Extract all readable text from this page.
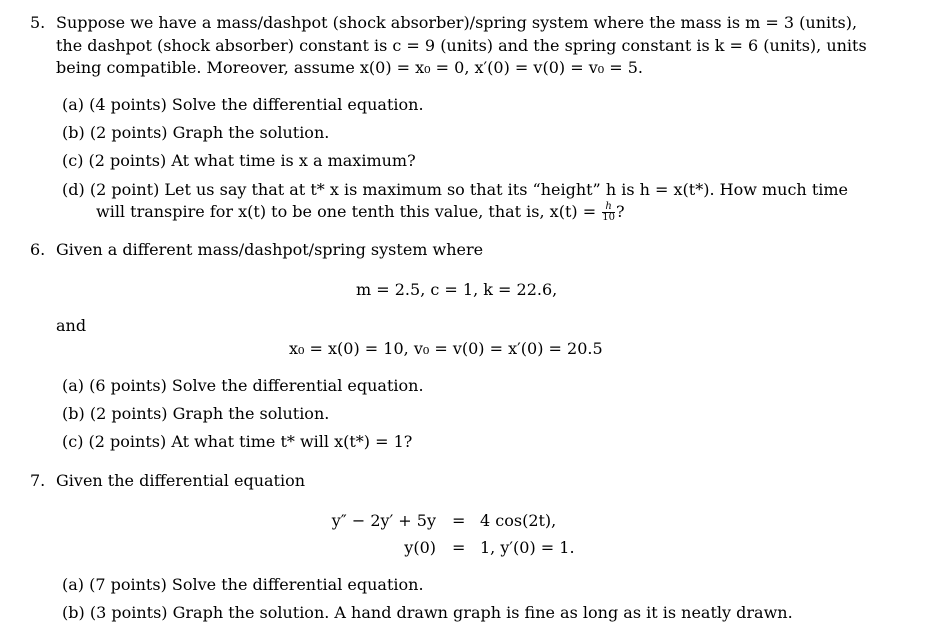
5. Suppose we have a mass/dashpot (shock absorber)/spring system where the mass is m = 3 (units),
the dashpot (shock absorber) constant is c = 9 (units) and the spring constant is k = 6 (units), units
being compatible. Moreover, assume x(0) = x₀ = 0, x′(0) = v(0) = v₀ = 5.
(a) (4 points) Solve the differential equation.
(b) (2 points) Graph the solution.
(c) (2 points) At what time is x a maximum?
(d) (2 point) Let us say that at t* x is maximum so that its “height” h is h = x(t*). How much time
will transpire for x(t) to be one tenth this value, that is, $x(t) = \frac{h}{10}$ ?
6. Given a different mass/dashpot/spring system where
m = 2.5, c = 1, k = 22.6,
and
x₀ = x(0) = 10, v₀ = v(0) = x′(0) = 20.5
(a) (6 points) Solve the differential equation.
(b) (2 points) Graph the solution.
(c) (2 points) At what time t* will x(t*) = 1?
7. Given the differential equation
y″ − 2y′ + 5y = 4 cos(2t),
y(0) = 1, y′(0) = 1.
(a) (7 points) Solve the differential equation.
(b) (3 points) Graph the solution. A hand drawn graph is fine as long as it is neatly drawn.
